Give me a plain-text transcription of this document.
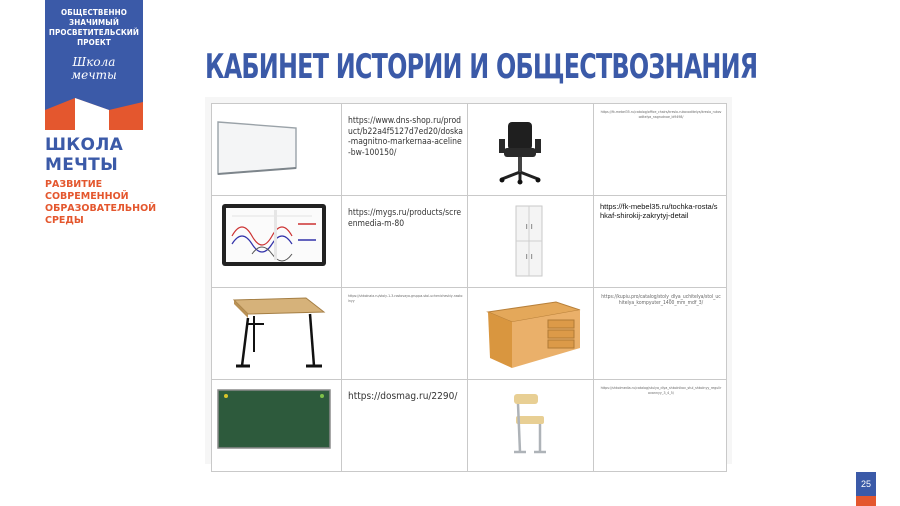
ОБЩЕСТВЕННО ЗНАЧИМЫЙ
ПРОСВЕТИТЕЛЬСКИЙ ПРОЕКТ
Школа
мечты
ШКОЛА МЕЧТЫ
РАЗВИТИЕ СОВРЕМЕННОЙ
ОБРАЗОВАТЕЛЬНОЙ СРЕДЫ
КАБИНЕТ ИСТОРИИ И ОБЩЕСТВОЗНАНИЯ

https://www.dns-shop.ru/product/b22a4f5127d7ed20/doska-magnitno-markernaa-aceline-bw-100150/		https://fk-mebel35.ru/catalog/office_chairs/kreslo-rukovoditelya/kreslo_rukovoditelya_nagrudnoe_ld9498/

https://mygs.ru/products/screenmedia-m-80		https://fk-mebel35.ru/tochka-rosta/shkaf-shirokij-zakrytyj-detail

https://shkolnaia.ru/stoly-1-3-rostovaya-gruppa-stol-uchenicheskiy-nastolnyy		https://kupiu.pro/catalog/stoly_dlya_uchitelya/stol_uchitelya_kompyuter_1400_mm_mdf_3/

https://dosmag.ru/2290/		https://shkolmedia.ru/catalog/stulya_dlya_shkolnikov_stul_shkolnyy_regulirovannyy_3_4_5/
25
